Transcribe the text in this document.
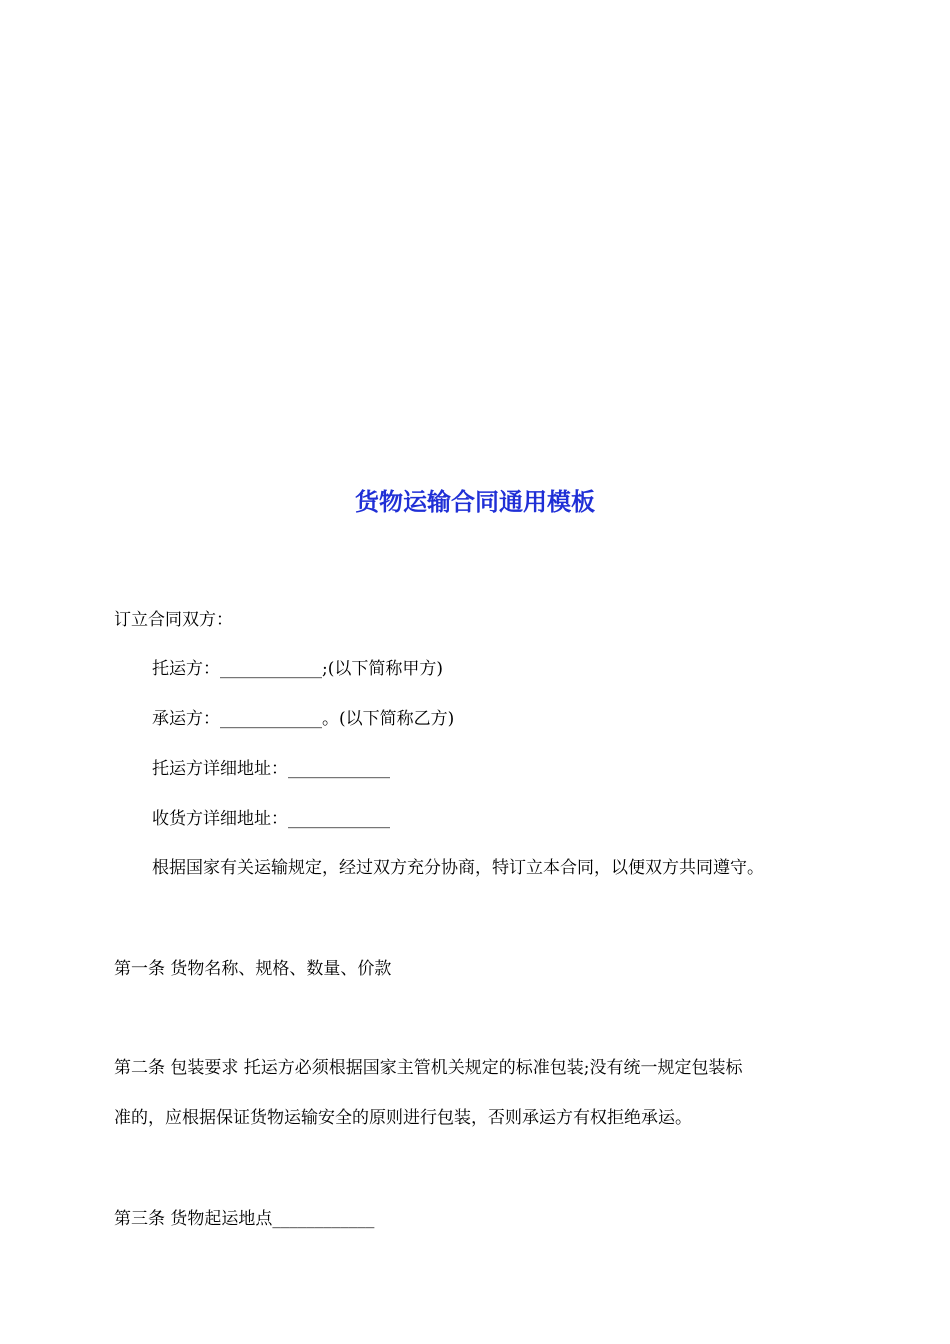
货物运输合同通用模板
订立合同双方：
托运方：____________;(以下简称甲方)
承运方：____________。(以下简称乙方)
托运方详细地址：____________
收货方详细地址：____________
根据国家有关运输规定，经过双方充分协商，特订立本合同，以便双方共同遵守。
第一条 货物名称、规格、数量、价款
第二条 包装要求 托运方必须根据国家主管机关规定的标准包装;没有统一规定包装标
准的，应根据保证货物运输安全的原则进行包装，否则承运方有权拒绝承运。
第三条 货物起运地点____________
